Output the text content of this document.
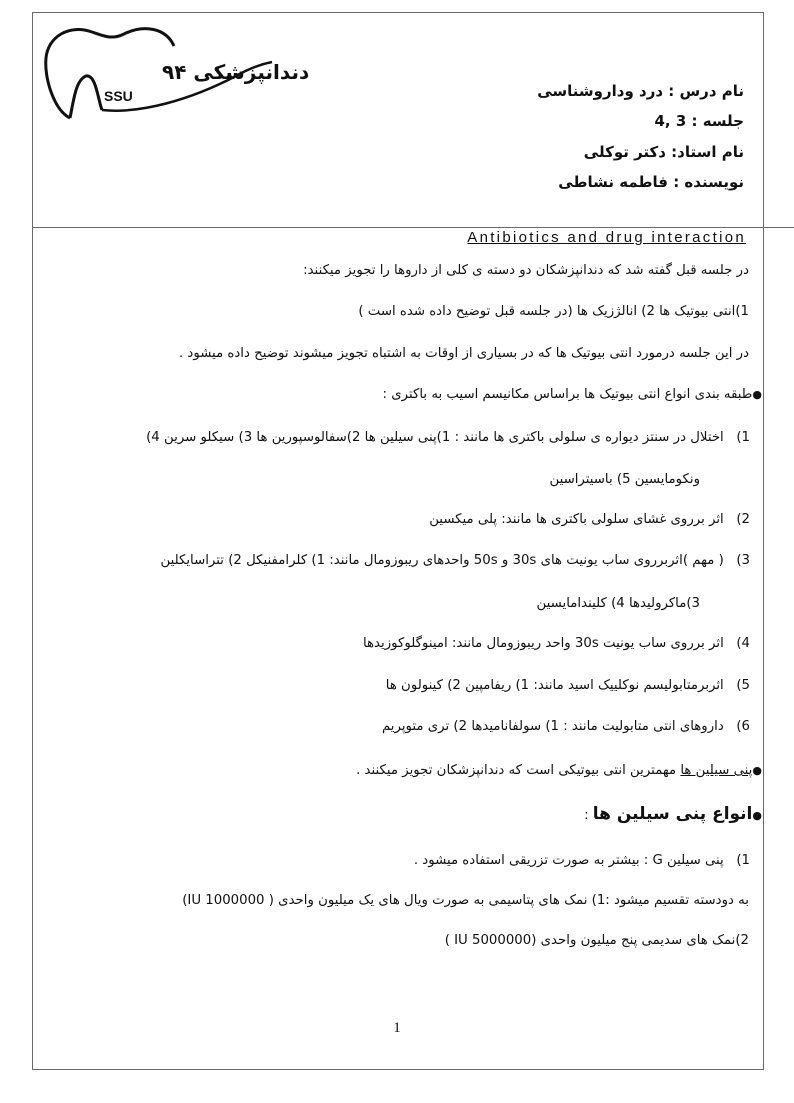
دندانپزشکی ۹۴
SSU	نام درس : درد وداروشناسی
جلسه : 3 ,4
نام استاد: دکتر توکلی
نویسنده : فاطمه نشاطی
Antibiotics and drug interaction
در جلسه قبل گفته شد که دندانپزشکان دو دسته ی کلی از داروها را تجویز میکنند:
1)انتی بیوتیک ها 2) انالژزیک ها (در جلسه قبل توضیح داده شده است )
در این جلسه درمورد انتی بیوتیک ها که در بسیاری از اوقات به اشتباه تجویز میشوند توضیح داده میشود .
●طبقه بندی انواع انتی بیوتیک ها براساس مکانیسم اسیب به باکتری :
1) اختلال در سنتز دیواره ی سلولی باکتری ها مانند : 1)پنی سیلین ها 2)سفالوسپورین ها 3) سیکلو سرین 4)
ونکومایسین 5) باسیتراسین
2) اثر برروی غشای سلولی باکتری ها مانند: پلی میکسین
3) ( مهم )اثربرروی ساب یونیت های 30s و 50s واحدهای ریبوزومال مانند: 1) کلرامفنیکل 2) تتراسایکلین
3)ماکرولیدها 4) کلیندامایسین
4) اثر برروی ساب یونیت 30s واحد ریبوزومال مانند: امینوگلوکوزیدها
5) اثربرمتابولیسم نوکلییک اسید مانند: 1) ریفامپین 2) کینولون ها
6) داروهای انتی متابولیت مانند : 1) سولفانامیدها 2) تری متوپریم
●پنی سیلین ها مهمترین انتی بیوتیکی است که دندانپزشکان تجویز میکنند .
●انواع پنی سیلین ها :
1) پنی سیلین G : بیشتر به صورت تزریقی استفاده میشود .
به دودسته تقسیم میشود :1) نمک های پتاسیمی به صورت ویال های یک میلیون واحدی ( 1000000 IU)
2)نمک های سدیمی پنج میلیون واحدی (5000000 IU )
1
